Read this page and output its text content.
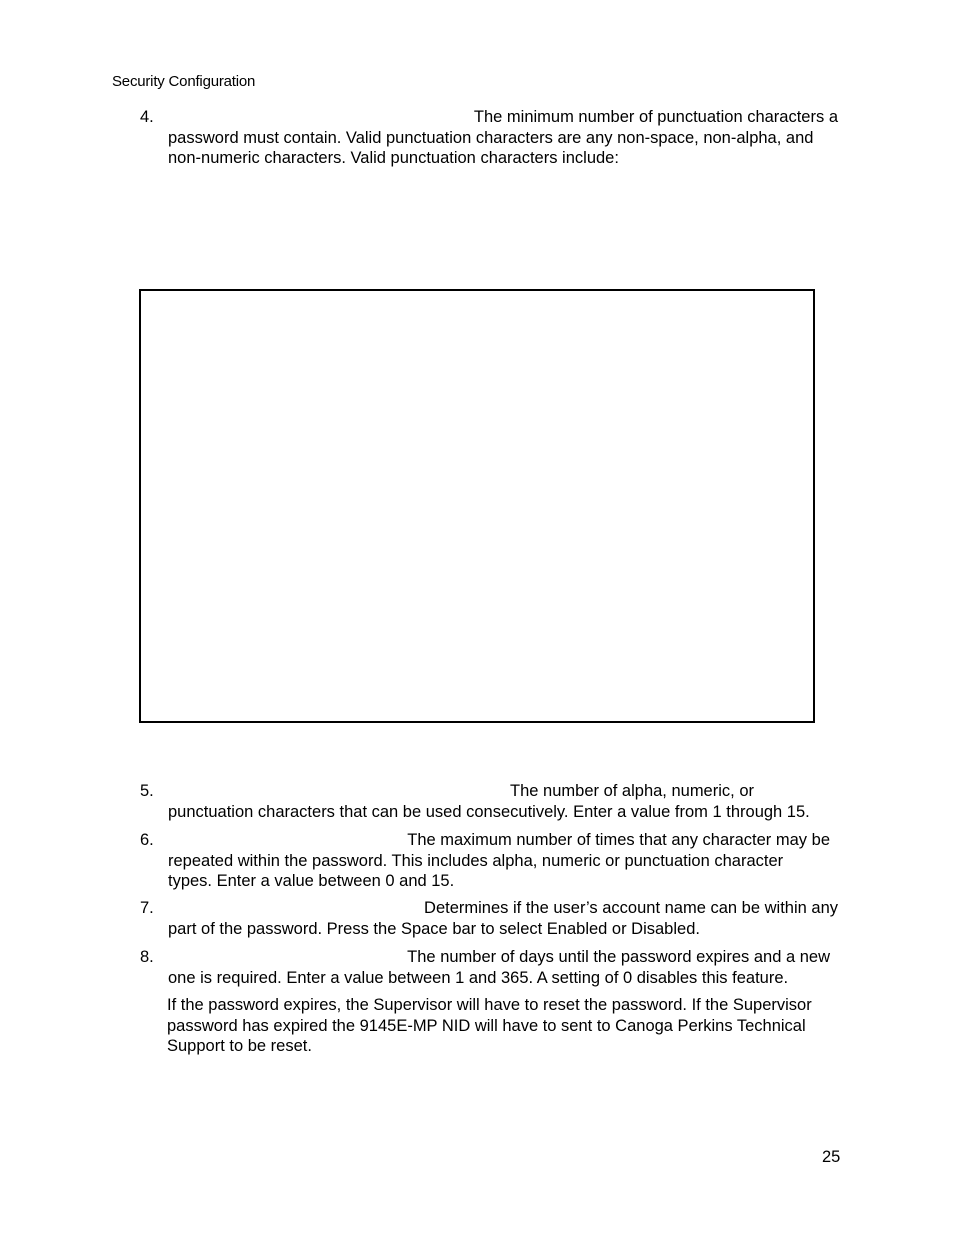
Security Configuration
4.	The minimum number of punctuation characters a
password must contain. Valid punctuation characters are any non-space, non-alpha, and
non-numeric characters. Valid punctuation characters include:
5.	The number of alpha, numeric, or
punctuation characters that can be used consecutively. Enter a value from 1 through 15.
6.	The maximum number of times that any character may be
repeated within the password. This includes alpha, numeric or punctuation character
types. Enter a value between 0 and 15.
7.	Determines if the user’s account name can be within any
part of the password. Press the Space bar to select Enabled or Disabled.
8.	The number of days until the password expires and a new
one is required. Enter a value between 1 and 365. A setting of 0 disables this feature.
If the password expires, the Supervisor will have to reset the password. If the Supervisor
password has expired the 9145E-MP NID will have to sent to Canoga Perkins Technical
Support to be reset.
25
